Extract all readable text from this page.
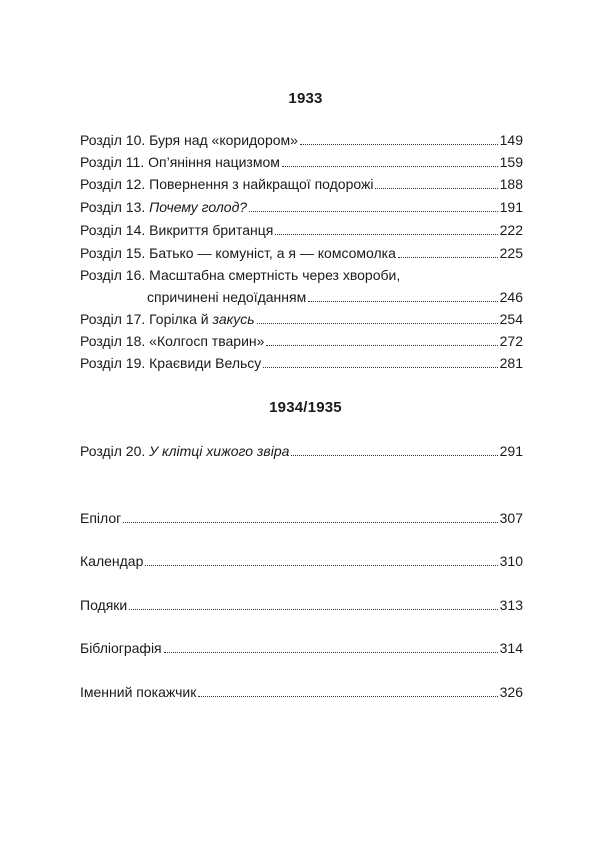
1933
Розділ 10. Буря над «коридором»	149
Розділ 11. Оп’яніння нацизмом	159
Розділ 12. Повернення з найкращої подорожі	188
Розділ 13. Почему голод?	191
Розділ 14. Викриття британця	222
Розділ 15. Батько — комуніст, а я — комсомолка	225
Розділ 16. Масштабна смертність через хвороби,
спричинені недоїданням	246
Розділ 17. Горілка й закусь	254
Розділ 18. «Колгосп тварин»	272
Розділ 19. Краєвиди Вельсу	281
1934/1935
Розділ 20. У клітці хижого звіра	291
Епілог	307
Календар	310
Подяки	313
Бібліографія	314
Іменний покажчик	326
